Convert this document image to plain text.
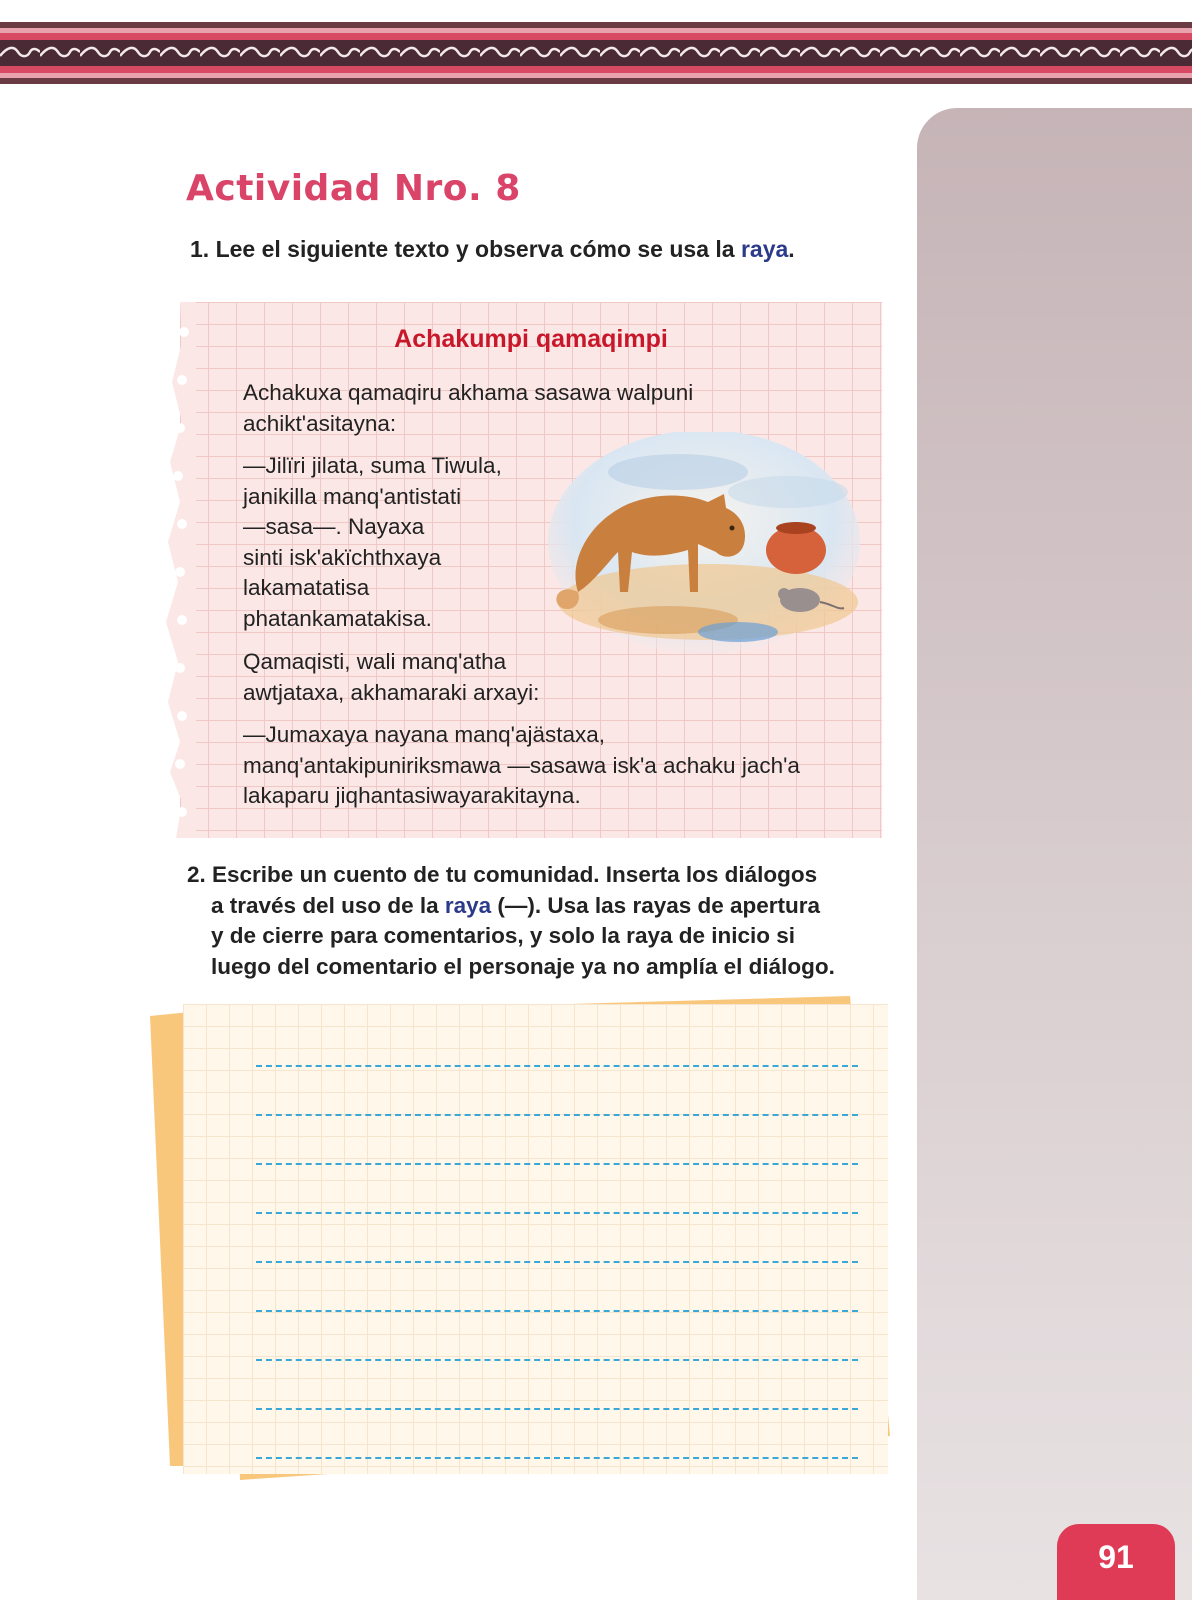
Actividad Nro. 8
1. Lee el siguiente texto y observa cómo se usa la raya.
Achakumpi qamaqimpi

Achakuxa qamaqiru akhama sasawa walpuni
achikt'asitayna:

—Jilïri jilata, suma Tiwula,
janikilla manq'antistati
—sasa—. Nayaxa
sinti isk'akïchthxaya
lakamatatisa
phatankamatakisa.

Qamaqisti, wali manq'atha
awtjataxa, akhamaraki arxayi:

—Jumaxaya nayana manq'ajästaxa,
manq'antakipuniriksmawa —sasawa isk'a achaku jach'a
lakaparu jiqhantasiwayarakitayna.

2. Escribe un cuento de tu comunidad. Inserta los diálogos
a través del uso de la raya (—). Usa las rayas de apertura
y de cierre para comentarios, y solo la raya de inicio si
luego del comentario el personaje ya no amplía el diálogo.
91
